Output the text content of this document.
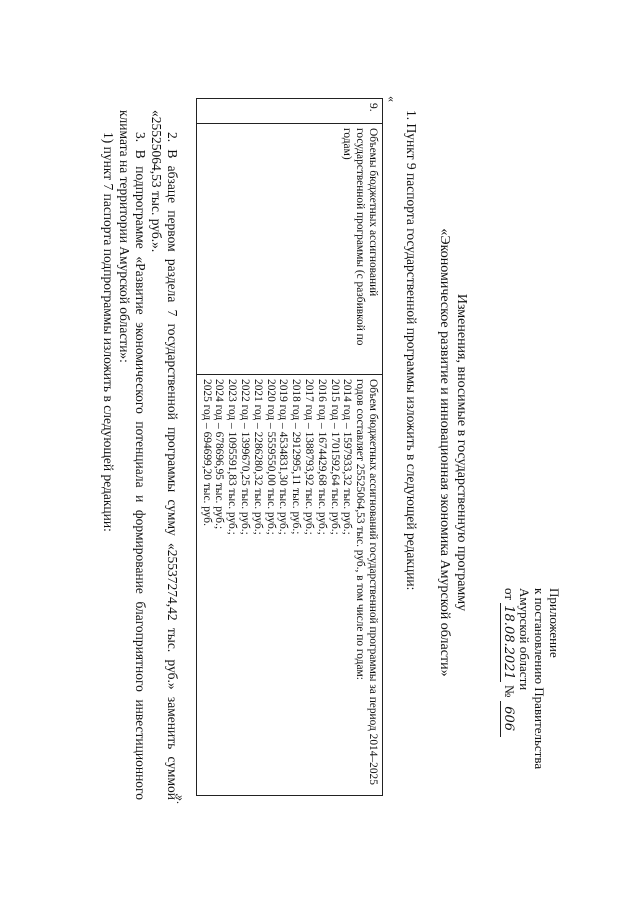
Приложение
к постановлению Правительства
Амурской области
от 18.08.2021 № 606
Изменения, вносимые в государственную программу
«Экономическое развитие и инновационная экономика Амурской области»
1. Пункт 9 паспорта государственной программы изложить в следующей редакции:
«
9.	Объемы бюджетных ассигнований государственной программы (с разбивкой по годам)	
Объем бюджетных ассигнований государственной программы за период 2014–2025 годов составляет 25525064,53 тыс. руб., в том числе по годам:
2014 год – 1597933,32 тыс. руб.;
2015 год – 1701592,64 тыс. руб.;
2016 год – 1674429,68 тыс. руб.;
2017 год – 1388793,92 тыс. руб.;
2018 год – 2912995,11 тыс. руб.;
2019 год – 4534831,30 тыс. руб.;
2020 год – 5559550,00 тыс. руб.;
2021 год – 2286280,32 тыс. руб.;
2022 год – 1399670,25 тыс. руб.;
2023 год – 1095591,83 тыс. руб.;
2024 год – 678696,95 тыс. руб.;
2025 год – 694699,20 тыс. руб.
».
2. В абзаце первом раздела 7 государственной программы сумму «25537274,42 тыс. руб.» заменить суммой «25525064,53 тыс. руб.».
3. В подпрограмме «Развитие экономического потенциала и формирование благоприятного инвестиционного климата на территории Амурской области»:
1) пункт 7 паспорта подпрограммы изложить в следующей редакции:
